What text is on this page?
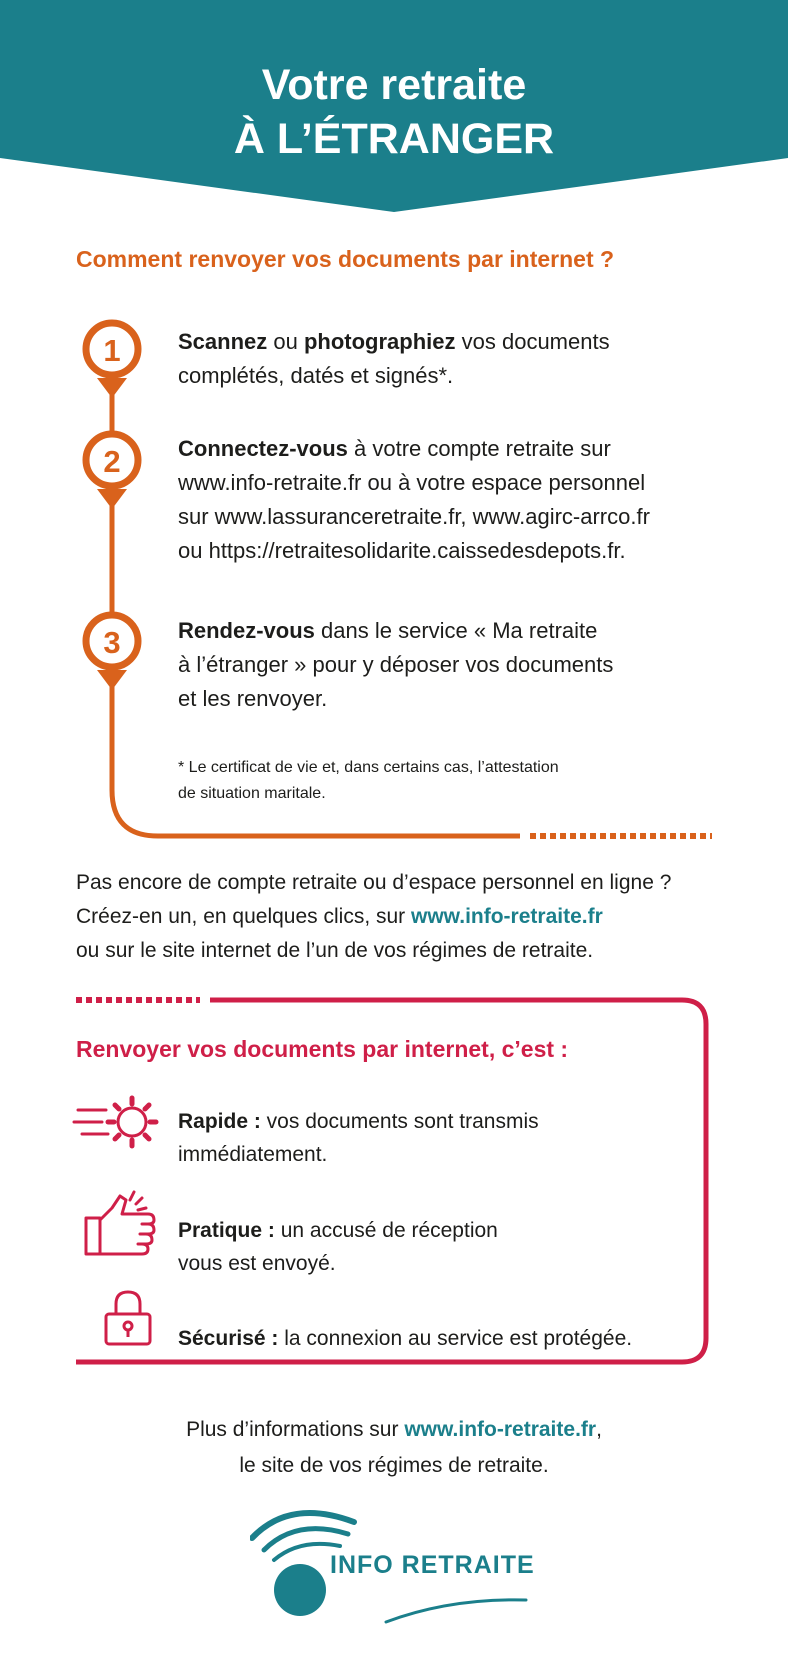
Votre retraite
À L’ÉTRANGER
Comment renvoyer vos documents par internet ?
1
2
3

Scannez ou photographiez vos documents
complétés, datés et signés*.

Connectez-vous à votre compte retraite sur
www.info-retraite.fr ou à votre espace personnel
sur www.lassuranceretraite.fr, www.agirc-arrco.fr
ou https://retraitesolidarite.caissedesdepots.fr.

Rendez-vous dans le service « Ma retraite
à l’étranger » pour y déposer vos documents
et les renvoyer.

* Le certificat de vie et, dans certains cas, l’attestation
de situation maritale.

Pas encore de compte retraite ou d’espace personnel en ligne ?
Créez-en un, en quelques clics, sur www.info-retraite.fr
ou sur le site internet de l’un de vos régimes de retraite.

Renvoyer vos documents par internet, c’est :

Rapide : vos documents sont transmis
immédiatement.

Pratique : un accusé de réception
vous est envoyé.

Sécurisé : la connexion au service est protégée.

Plus d’informations sur www.info-retraite.fr,
le site de vos régimes de retraite.

INFO RETRAITE
